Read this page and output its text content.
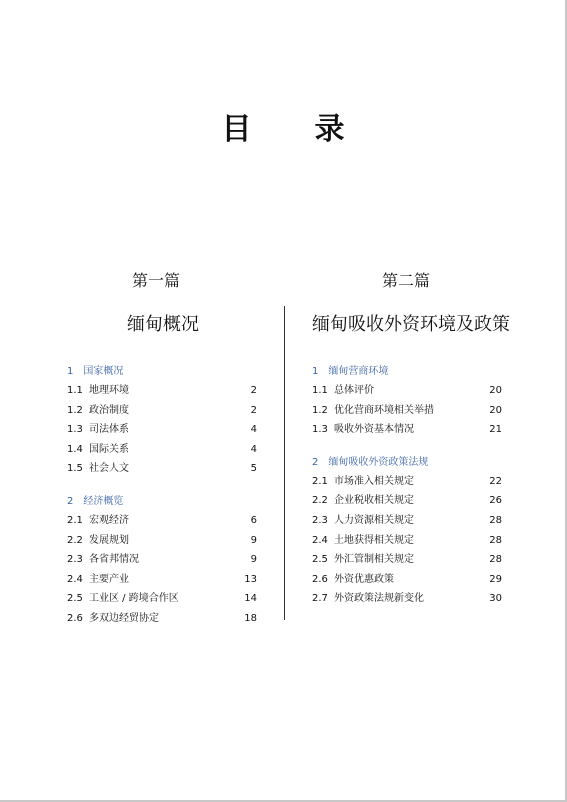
目 录
第一篇
缅甸概况
第二篇
缅甸吸收外资环境及政策
1　国家概况
1.1 地理环境	2
1.2 政治制度	2
1.3 司法体系	4
1.4 国际关系	4
1.5 社会人文	5
2　经济概览
2.1 宏观经济	6
2.2 发展规划	9
2.3 各省邦情况	9
2.4 主要产业	13
2.5 工业区 / 跨境合作区	14
2.6 多双边经贸协定	18
1　缅甸营商环境
1.1 总体评价	20
1.2 优化营商环境相关举措	20
1.3 吸收外资基本情况	21
2　缅甸吸收外资政策法规
2.1 市场准入相关规定	22
2.2 企业税收相关规定	26
2.3 人力资源相关规定	28
2.4 土地获得相关规定	28
2.5 外汇管制相关规定	28
2.6 外资优惠政策	29
2.7 外资政策法规新变化	30
